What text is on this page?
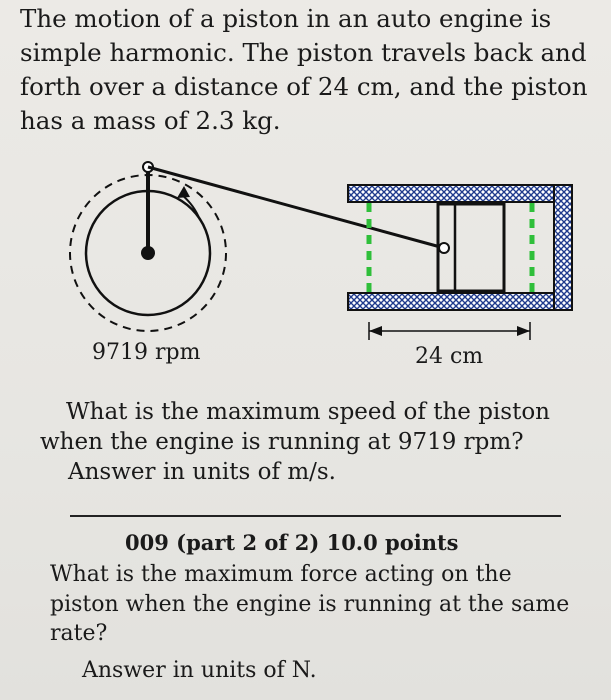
The motion of a piston in an auto engine is
simple harmonic. The piston travels back and
forth over a distance of 24 cm, and the piston
has a mass of 2.3 kg.

9719 rpm	24 cm

What is the maximum speed of the piston
when the engine is running at 9719 rpm?

Answer in units of m/s.

009 (part 2 of 2) 10.0 points

What is the maximum force acting on the
piston when the engine is running at the same
rate?
Answer in units of N.
